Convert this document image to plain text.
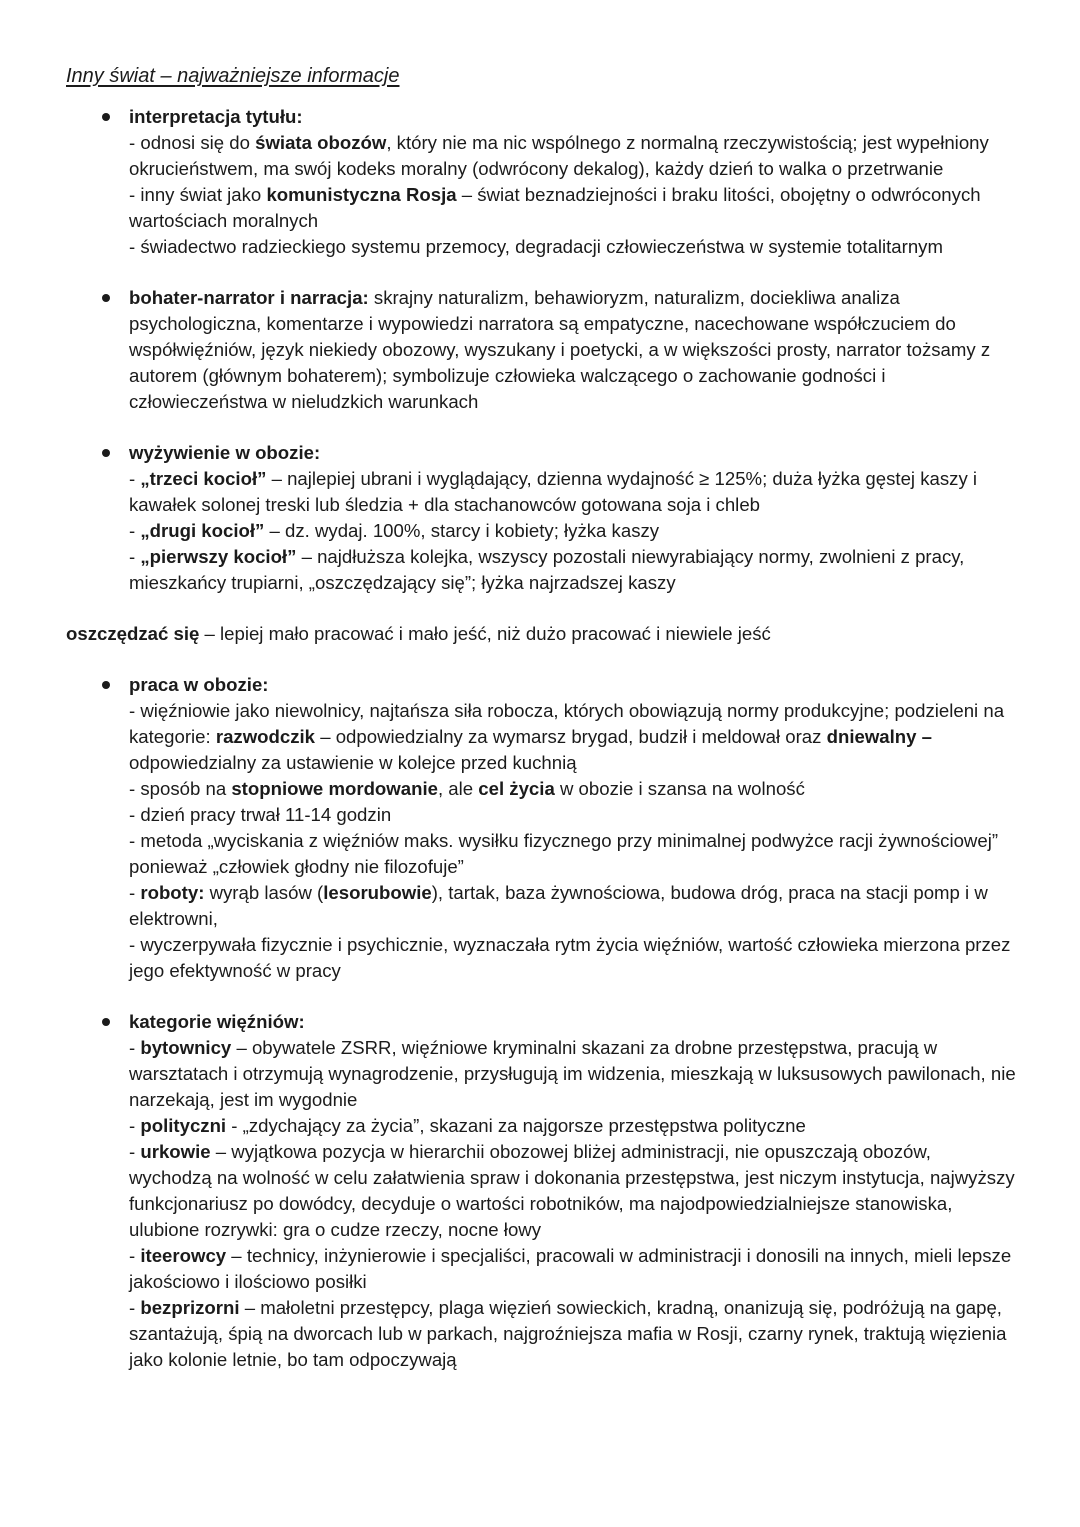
Inny świat – najważniejsze informacje
interpretacja tytułu:
- odnosi się do świata obozów, który nie ma nic wspólnego z normalną rzeczywistością; jest wypełniony okrucieństwem, ma swój kodeks moralny (odwrócony dekalog), każdy dzień to walka o przetrwanie
- inny świat jako komunistyczna Rosja – świat beznadziejności i braku litości, obojętny o odwróconych wartościach moralnych
- świadectwo radzieckiego systemu przemocy, degradacji człowieczeństwa w systemie totalitarnym
bohater-narrator i narracja: skrajny naturalizm, behawioryzm, naturalizm, dociekliwa analiza psychologiczna, komentarze i wypowiedzi narratora są empatyczne, nacechowane współczuciem do współwięźniów, język niekiedy obozowy, wyszukany i poetycki, a w większości prosty, narrator tożsamy z autorem (głównym bohaterem); symbolizuje człowieka walczącego o zachowanie godności i człowieczeństwa w nieludzkich warunkach
wyżywienie w obozie:
- „trzeci kocioł” – najlepiej ubrani i wyglądający, dzienna wydajność ≥ 125%; duża łyżka gęstej kaszy i kawałek solonej treski lub śledzia + dla stachanowców gotowana soja i chleb
- „drugi kocioł” – dz. wydaj. 100%, starcy i kobiety; łyżka kaszy
- „pierwszy kocioł” – najdłuższa kolejka, wszyscy pozostali niewyrabiający normy, zwolnieni z pracy, mieszkańcy trupiarni, „oszczędzający się”; łyżka najrzadszej kaszy
oszczędzać się – lepiej mało pracować i mało jeść, niż dużo pracować i niewiele jeść
praca w obozie:
- więźniowie jako niewolnicy, najtańsza siła robocza, których obowiązują normy produkcyjne; podzieleni na kategorie: razwodczik – odpowiedzialny za wymarsz brygad, budził i meldował oraz dniewalny – odpowiedzialny za ustawienie w kolejce przed kuchnią
- sposób na stopniowe mordowanie, ale cel życia w obozie i szansa na wolność
- dzień pracy trwał 11-14 godzin
- metoda „wyciskania z więźniów maks. wysiłku fizycznego przy minimalnej podwyżce racji żywnościowej” ponieważ „człowiek głodny nie filozofuje”
- roboty: wyrąb lasów (lesorubowie), tartak, baza żywnościowa, budowa dróg, praca na stacji pomp i w elektrowni,
- wyczerpywała fizycznie i psychicznie, wyznaczała rytm życia więźniów, wartość człowieka mierzona przez jego efektywność w pracy
kategorie więźniów:
- bytownicy – obywatele ZSRR, więźniowe kryminalni skazani za drobne przestępstwa, pracują w warsztatach i otrzymują wynagrodzenie, przysługują im widzenia, mieszkają w luksusowych pawilonach, nie narzekają, jest im wygodnie
- polityczni - „zdychający za życia”, skazani za najgorsze przestępstwa polityczne
- urkowie – wyjątkowa pozycja w hierarchii obozowej bliżej administracji, nie opuszczają obozów, wychodzą na wolność w celu załatwienia spraw i dokonania przestępstwa, jest niczym instytucja, najwyższy funkcjonariusz po dowódcy, decyduje o wartości robotników, ma najodpowiedzialniejsze stanowiska, ulubione rozrywki: gra o cudze rzeczy, nocne łowy
- iteerowcy – technicy, inżynierowie i specjaliści, pracowali w administracji i donosili na innych, mieli lepsze jakościowo i ilościowo posiłki
- bezprizorni – małoletni przestępcy, plaga więzień sowieckich, kradną, onanizują się, podróżują na gapę, szantażują, śpią na dworcach lub w parkach, najgroźniejsza mafia w Rosji, czarny rynek, traktują więzienia jako kolonie letnie, bo tam odpoczywają
